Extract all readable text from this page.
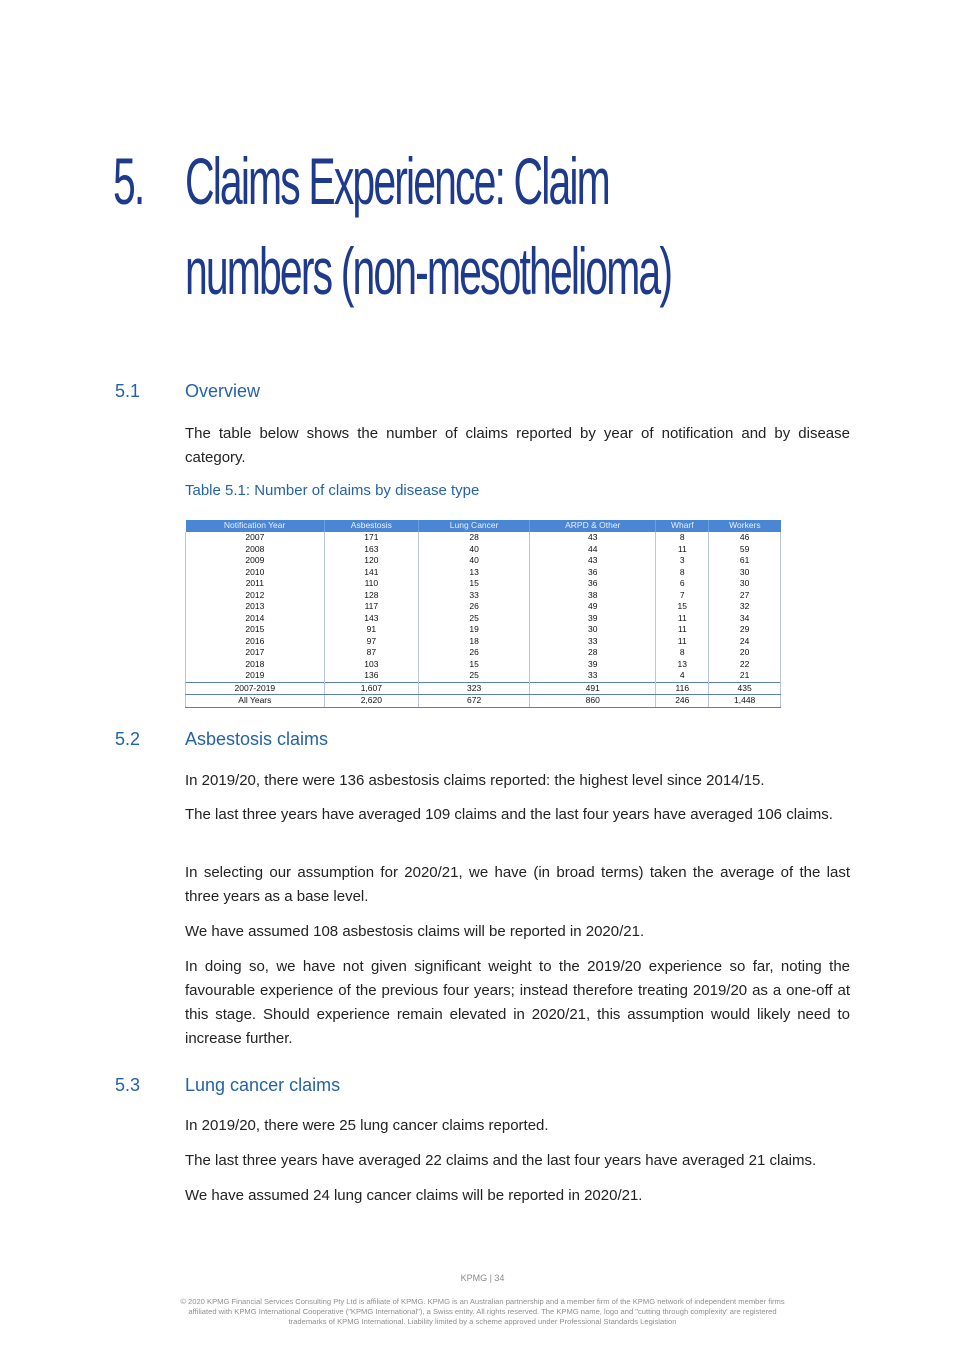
5. Claims Experience: Claim
numbers (non-mesothelioma)
5.1 Overview

The table below shows the number of claims reported by year of notification and by disease category.

Table 5.1: Number of claims by disease type
Notification Year	Asbestosis	Lung Cancer	ARPD & Other	Wharf	Workers
2007	171	28	43	8	46
2008	163	40	44	11	59
2009	120	40	43	3	61
2010	141	13	36	8	30
2011	110	15	36	6	30
2012	128	33	38	7	27
2013	117	26	49	15	32
2014	143	25	39	11	34
2015	91	19	30	11	29
2016	97	18	33	11	24
2017	87	26	28	8	20
2018	103	15	39	13	22
2019	136	25	33	4	21
2007-2019	1,607	323	491	116	435
All Years	2,620	672	860	246	1,448
5.2 Asbestosis claims

In 2019/20, there were 136 asbestosis claims reported: the highest level since 2014/15.

The last three years have averaged 109 claims and the last four years have averaged 106 claims.

In selecting our assumption for 2020/21, we have (in broad terms) taken the average of the last three years as a base level.

We have assumed 108 asbestosis claims will be reported in 2020/21.

In doing so, we have not given significant weight to the 2019/20 experience so far, noting the favourable experience of the previous four years; instead therefore treating 2019/20 as a one-off at this stage. Should experience remain elevated in 2020/21, this assumption would likely need to increase further.

5.3 Lung cancer claims

In 2019/20, there were 25 lung cancer claims reported.

The last three years have averaged 22 claims and the last four years have averaged 21 claims.

We have assumed 24 lung cancer claims will be reported in 2020/21.

KPMG | 34
© 2020 KPMG Financial Services Consulting Pty Ltd is affiliate of KPMG. KPMG is an Australian partnership and a member firm of the KPMG network of independent member firms
affiliated with KPMG International Cooperative ("KPMG International"), a Swiss entity. All rights reserved. The KPMG name, logo and "cutting through complexity' are registered
trademarks of KPMG International. Liability limited by a scheme approved under Professional Standards Legislation
